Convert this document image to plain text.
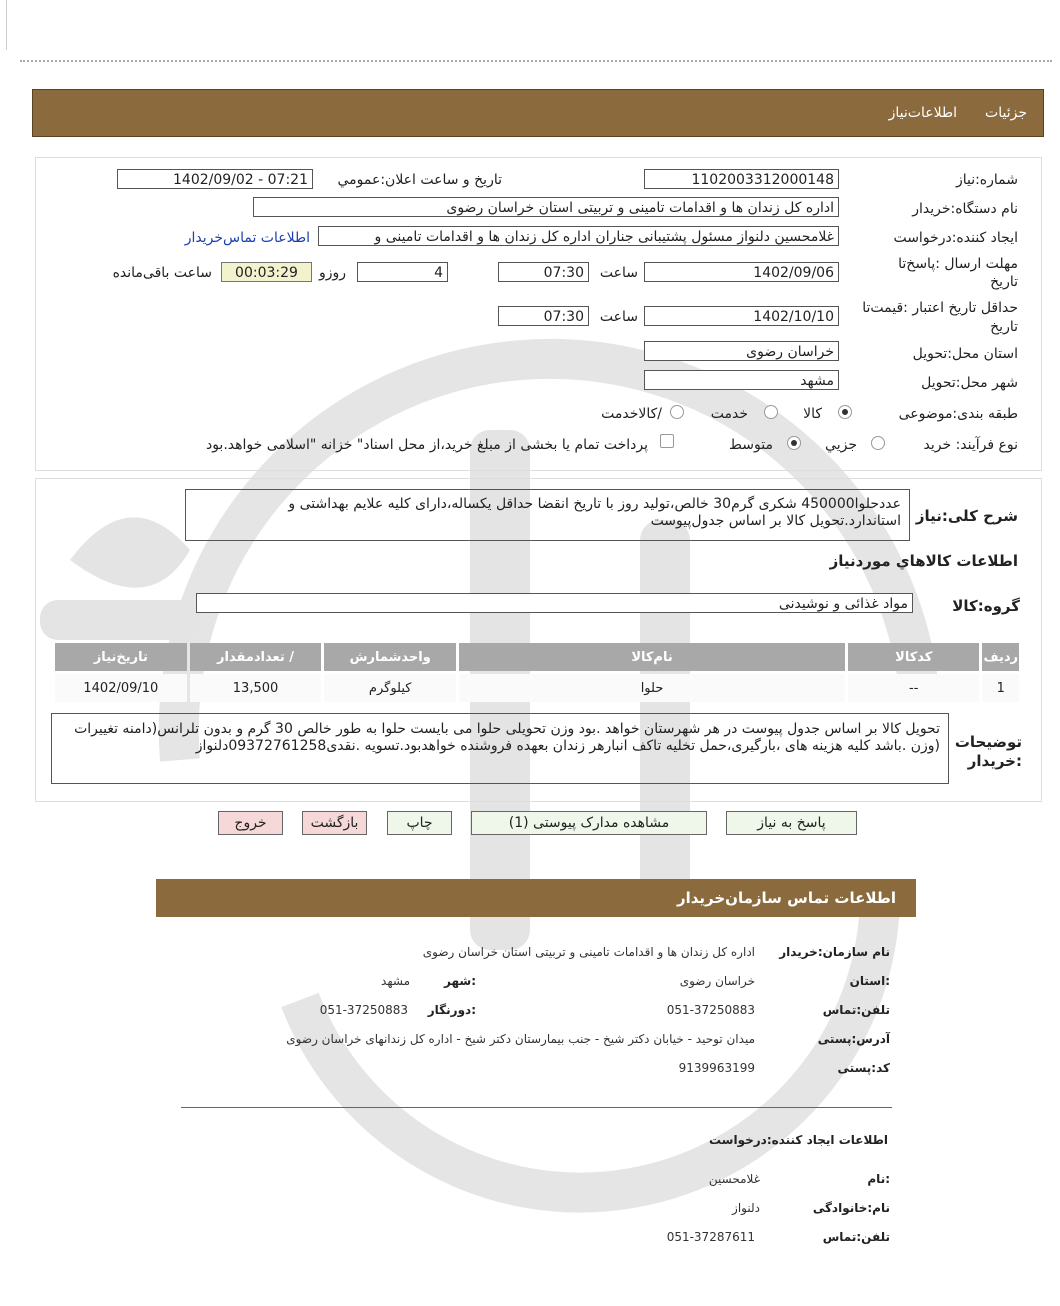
جزئیات
اطلاعات‌نیاز
شماره:نیاز
1102003312000148
تاریخ و ساعت اعلان:عمومي
1402/09/02 - 07:21
نام دستگاه:خریدار
اداره کل زندان ها و اقدامات تامینی و تربیتی استان خراسان رضوی
ایجاد کننده:درخواست
غلامحسین دلنواز مسئول پشتیبانی جناران اداره کل زندان ها و اقدامات تامینی و
اطلاعات تماس‌خریدار
مهلت ارسال :پاسخ‌تا
تاریخ
1402/09/06
ساعت
07:30
4
روزو
00:03:29
ساعت باقی‌مانده
حداقل تاریخ اعتبار :قیمت‌تا
تاریخ
1402/10/10
ساعت
07:30
استان محل:تحویل
خراسان رضوی
شهر محل:تحویل
مشهد
طبقه بندی:موضوعی
کالا
خدمت
/کالاخدمت
نوع فرآیند: خرید
جزیي
متوسط
پرداخت تمام یا بخشی از مبلغ خرید،از محل اسناد" خزانه "اسلامی خواهد.بود
شرح کلی:نیاز
عددحلوا450000 شکری گرم30 خالص،تولید روز با تاریخ انقضا حداقل یکساله،دارای کلیه علایم بهداشتی و استاندارد.تحویل کالا بر اساس جدول‌پیوست
اطلاعات کالاهاي موردنياز
گروه:کالا
مواد غذائی و نوشیدنی
ردیف	کدکالا	نام‌کالا	واحدشمارش	/ تعدادمقدار	تاریخ‌نیاز
1	--	حلوا	کیلوگرم	13,500	1402/09/10
توضیحات
:خریدار
تحویل کالا بر اساس جدول پیوست در هر شهرستان خواهد .بود وزن تحویلی حلوا می بایست حلوا به طور خالص 30 گرم و بدون تلرانس(دامنه تغییرات (وزن .باشد کلیه هزینه های ،بارگیری،حمل تخلیه تاکف انبارهر زندان بعهده فروشنده خواهدبود.تسویه .نقدی09372761258دلنواز
پاسخ به نیاز
مشاهده مدارک پیوستی (1)
چاپ
بازگشت
خروج
اطلاعات تماس سازمان‌خریدار
نام سازمان:خریدار
اداره کل زندان ها و اقدامات تامینی و تربیتی استان خراسان رضوی
:استان
خراسان رضوی
:شهر
مشهد
تلفن:تماس
051-37250883
:دورنگار
051-37250883
آدرس:پستی
میدان توحید - خیابان دکتر شیخ - جنب بیمارستان دکتر شیخ - اداره کل زندانهای خراسان رضوی
کد:پستی
9139963199
اطلاعات ایجاد کننده:درخواست
:نام
غلامحسین
نام:خانوادگی
دلنواز
تلفن:تماس
051-37287611
